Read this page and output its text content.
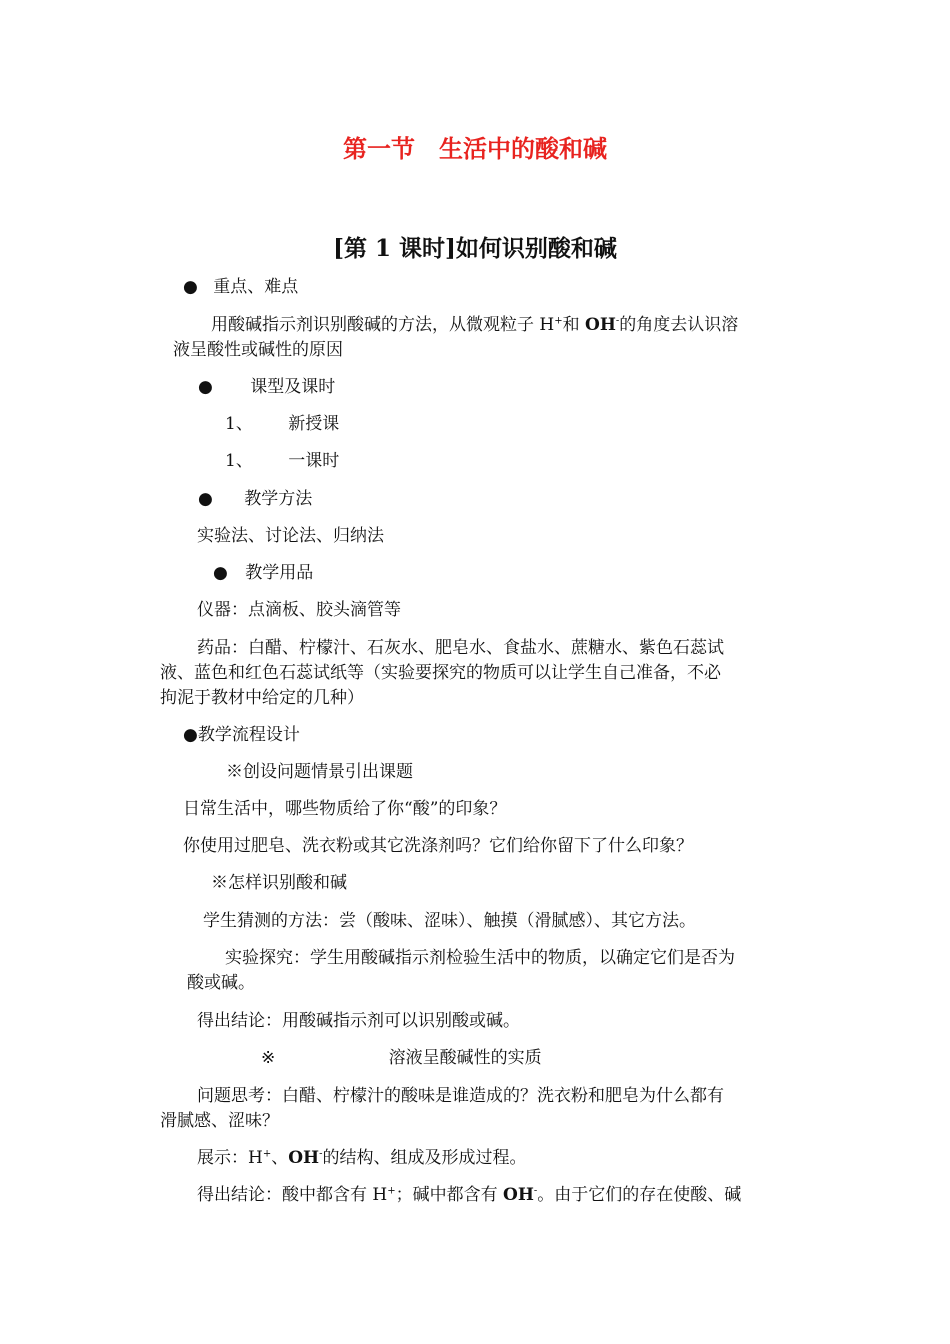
第一节　生活中的酸和碱
[第 1 课时]如何识别酸和碱
● 重点、难点
用酸碱指示剂识别酸碱的方法，从微观粒子 H+和 OH-的角度去认识溶
液呈酸性或碱性的原因
● 课型及课时
1、 新授课
1、 一课时
● 教学方法
实验法、讨论法、归纳法
● 教学用品
仪器：点滴板、胶头滴管等
药品：白醋、柠檬汁、石灰水、肥皂水、食盐水、蔗糖水、紫色石蕊试
液、蓝色和红色石蕊试纸等（实验要探究的物质可以让学生自己准备，不必
拘泥于教材中给定的几种）
●教学流程设计
※创设问题情景引出课题
日常生活中，哪些物质给了你“酸”的印象？
你使用过肥皂、洗衣粉或其它洗涤剂吗？它们给你留下了什么印象？
※怎样识别酸和碱
学生猜测的方法：尝（酸味、涩味）、触摸（滑腻感）、其它方法。
实验探究：学生用酸碱指示剂检验生活中的物质，以确定它们是否为
酸或碱。
得出结论：用酸碱指示剂可以识别酸或碱。
※	溶液呈酸碱性的实质
问题思考：白醋、柠檬汁的酸味是谁造成的？洗衣粉和肥皂为什么都有
滑腻感、涩味？
展示：H+、OH-的结构、组成及形成过程。
得出结论：酸中都含有 H+；碱中都含有 OH-。由于它们的存在使酸、碱
